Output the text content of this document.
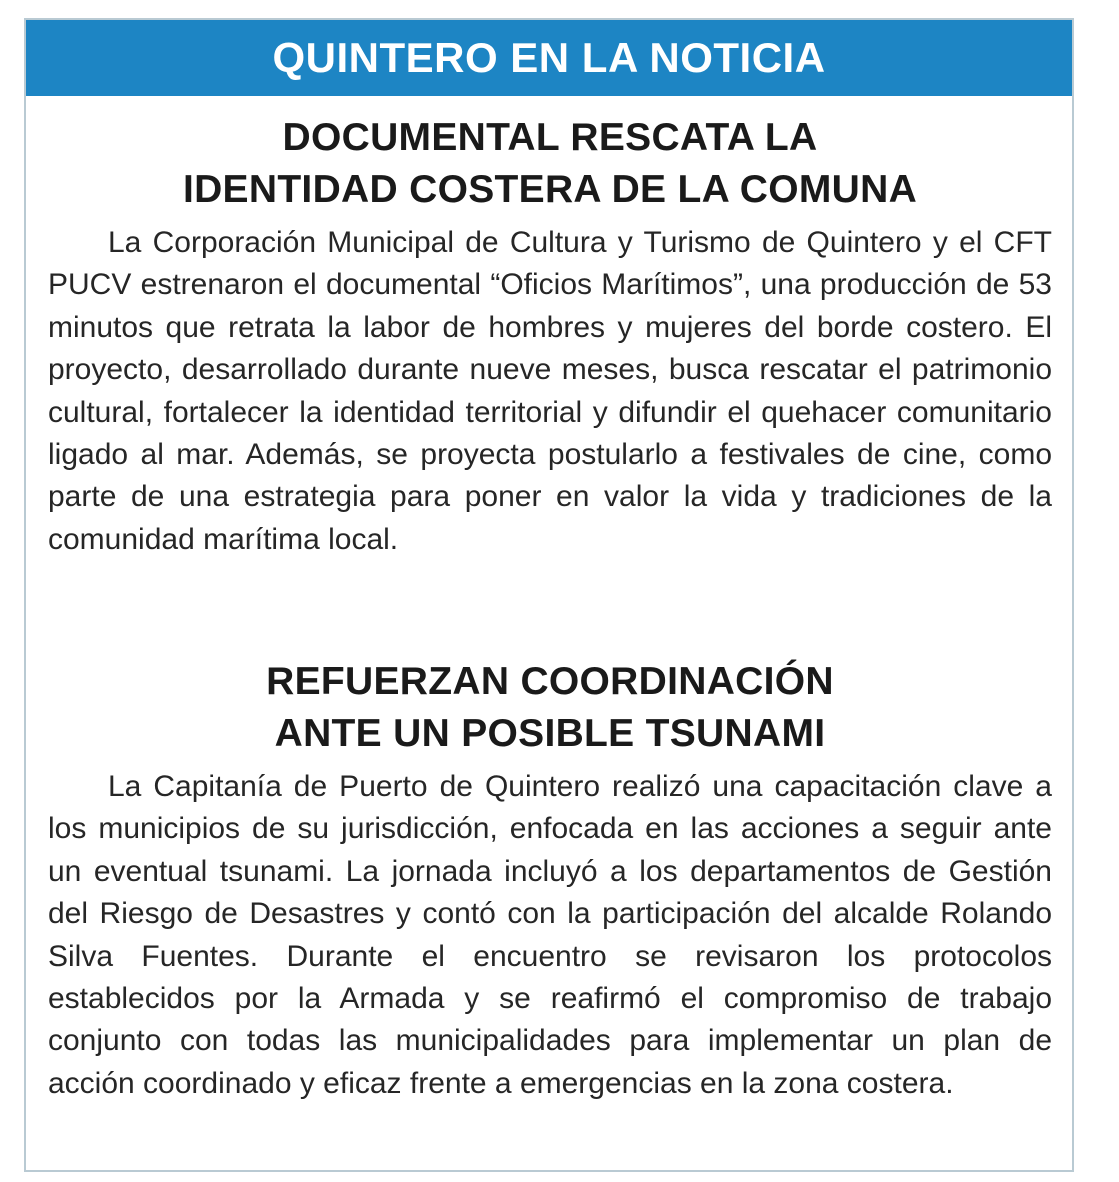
QUINTERO EN LA NOTICIA
DOCUMENTAL RESCATA LA
IDENTIDAD COSTERA DE LA COMUNA

La Corporación Municipal de Cultura y Turismo de Quintero y el CFT PUCV estrenaron el documental “Oficios Marítimos”, una producción de 53 minutos que retrata la labor de hombres y mujeres del borde costero. El proyecto, desarrollado durante nueve meses, busca rescatar el patrimonio cultural, fortalecer la identidad territorial y difundir el quehacer comunitario ligado al mar. Además, se proyecta postularlo a festivales de cine, como parte de una estrategia para poner en valor la vida y tradiciones de la comunidad marítima local.

REFUERZAN COORDINACIÓN
ANTE UN POSIBLE TSUNAMI

La Capitanía de Puerto de Quintero realizó una capacitación clave a los municipios de su jurisdicción, enfocada en las acciones a seguir ante un eventual tsunami. La jornada incluyó a los departamentos de Gestión del Riesgo de Desastres y contó con la participación del alcalde Rolando Silva Fuentes. Durante el encuentro se revisaron los protocolos establecidos por la Armada y se reafirmó el compromiso de trabajo conjunto con todas las municipalidades para implementar un plan de acción coordinado y eficaz frente a emergencias en la zona costera.
